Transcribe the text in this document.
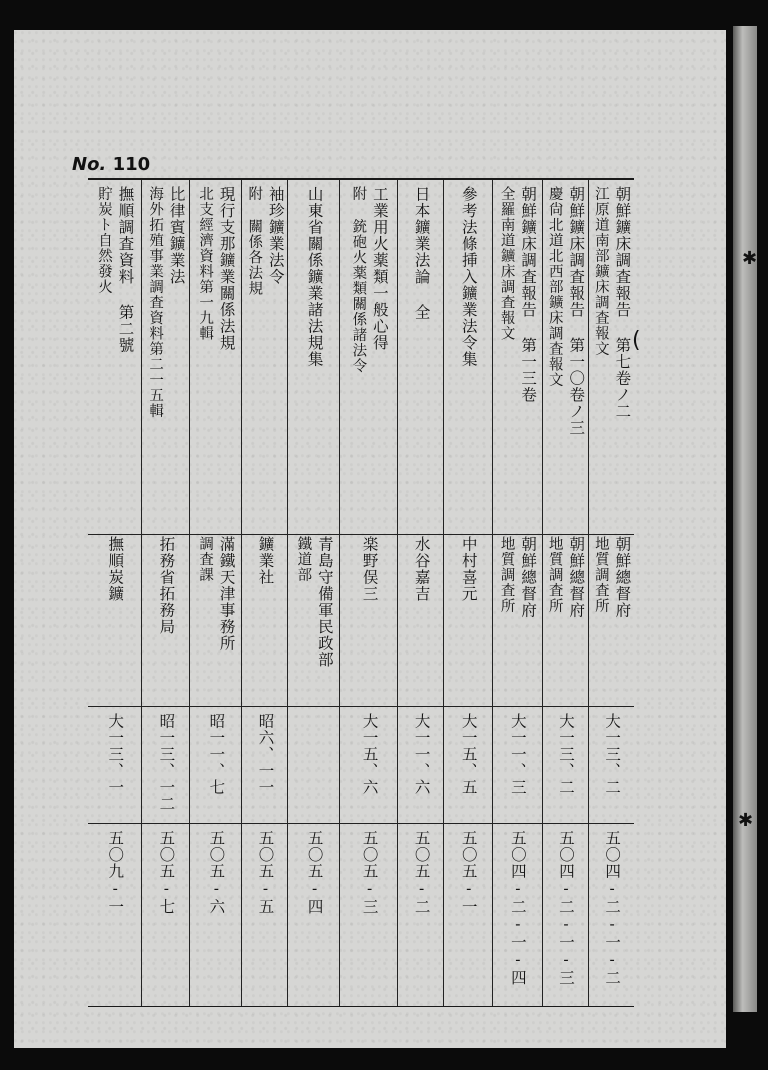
No. 110
朝鮮鑛床調査報告 第七卷ノ二
江原道南部鑛床調査報文
朝鮮總督府
地質調査所
大一三、二
五〇四-二-一-二
朝鮮鑛床調査報告 第一〇卷ノ三
慶尙北道北西部鑛床調査報文
朝鮮總督府
地質調査所
大一三、二
五〇四-二-一-三
朝鮮鑛床調査報告 第一三卷
全羅南道鑛床調査報文
朝鮮總督府
地質調査所
大一一、三
五〇四-二-一-四
參考法條挿入鑛業法令集
中村喜元
大一五、五
五〇五-一
日本鑛業法論 全
水谷嘉吉
大一一、六
五〇五-二
工業用火薬類一般心得
附 銃砲火薬類關係諸法令
楽野俣三
大一五、六
五〇五-三
山東省關係鑛業諸法規集
青島守備軍民政部
鐵道部
五〇五-四
袖珍鑛業法令
附 關係各法規
鑛業社
昭六、一一
五〇五-五
現行支那鑛業關係法規
北支經濟資料第一九輯
滿鐵天津事務所
調査課
昭一一、七
五〇五-六
比律賓鑛業法
海外拓殖事業調査資料第二一五輯
拓務省拓務局
昭一三、一二
五〇五-七
撫順調査資料 第二號
貯炭ト自然發火
撫順炭鑛
大一三、一
五〇九-一
(
✱
✱
